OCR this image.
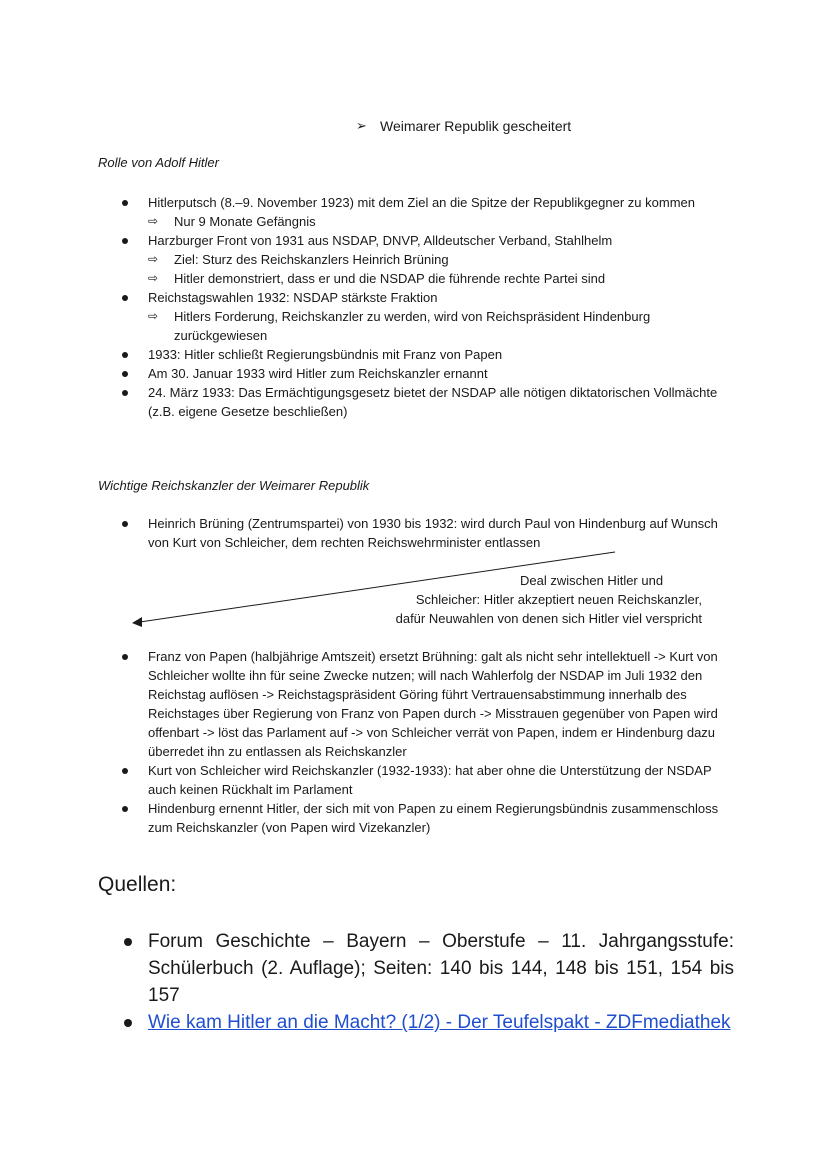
➢ Weimarer Republik gescheitert
Rolle von Adolf Hitler
Hitlerputsch (8.–9. November 1923) mit dem Ziel an die Spitze der Republikgegner zu kommen
⇨	Nur 9 Monate Gefängnis
Harzburger Front von 1931 aus NSDAP, DNVP, Alldeutscher Verband, Stahlhelm
⇨	Ziel: Sturz des Reichskanzlers Heinrich Brüning
⇨	Hitler demonstriert, dass er und die NSDAP die führende rechte Partei sind
Reichstagswahlen 1932: NSDAP stärkste Fraktion
⇨	Hitlers Forderung, Reichskanzler zu werden, wird von Reichspräsident Hindenburg zurückgewiesen
1933: Hitler schließt Regierungsbündnis mit Franz von Papen
Am 30. Januar 1933 wird Hitler zum Reichskanzler ernannt
24. März 1933: Das Ermächtigungsgesetz bietet der NSDAP alle nötigen diktatorischen Vollmächte (z.B. eigene Gesetze beschließen)
Wichtige Reichskanzler der Weimarer Republik
Heinrich Brüning (Zentrumspartei) von 1930 bis 1932: wird durch Paul von Hindenburg auf Wunsch von Kurt von Schleicher, dem rechten Reichswehrminister entlassen
Deal zwischen Hitler und
Schleicher: Hitler akzeptiert neuen Reichskanzler,
dafür Neuwahlen von denen sich Hitler viel verspricht
Franz von Papen (halbjährige Amtszeit) ersetzt Brühning: galt als nicht sehr intellektuell -> Kurt von Schleicher wollte ihn für seine Zwecke nutzen; will nach Wahlerfolg der NSDAP im Juli 1932 den Reichstag auflösen -> Reichstagspräsident Göring führt Vertrauensabstimmung innerhalb des Reichstages über Regierung von Franz von Papen durch -> Misstrauen gegenüber von Papen wird offenbart -> löst das Parlament auf -> von Schleicher verrät von Papen, indem er Hindenburg dazu überredet ihn zu entlassen als Reichskanzler
Kurt von Schleicher wird Reichskanzler (1932-1933): hat aber ohne die Unterstützung der NSDAP auch keinen Rückhalt im Parlament
Hindenburg ernennt Hitler, der sich mit von Papen zu einem Regierungsbündnis zusammenschloss zum Reichskanzler (von Papen wird Vizekanzler)
Quellen:
Forum Geschichte – Bayern – Oberstufe – 11. Jahrgangsstufe: Schülerbuch (2. Auflage); Seiten: 140 bis 144, 148 bis 151, 154 bis 157
Wie kam Hitler an die Macht? (1/2) - Der Teufelspakt - ZDFmediathek
